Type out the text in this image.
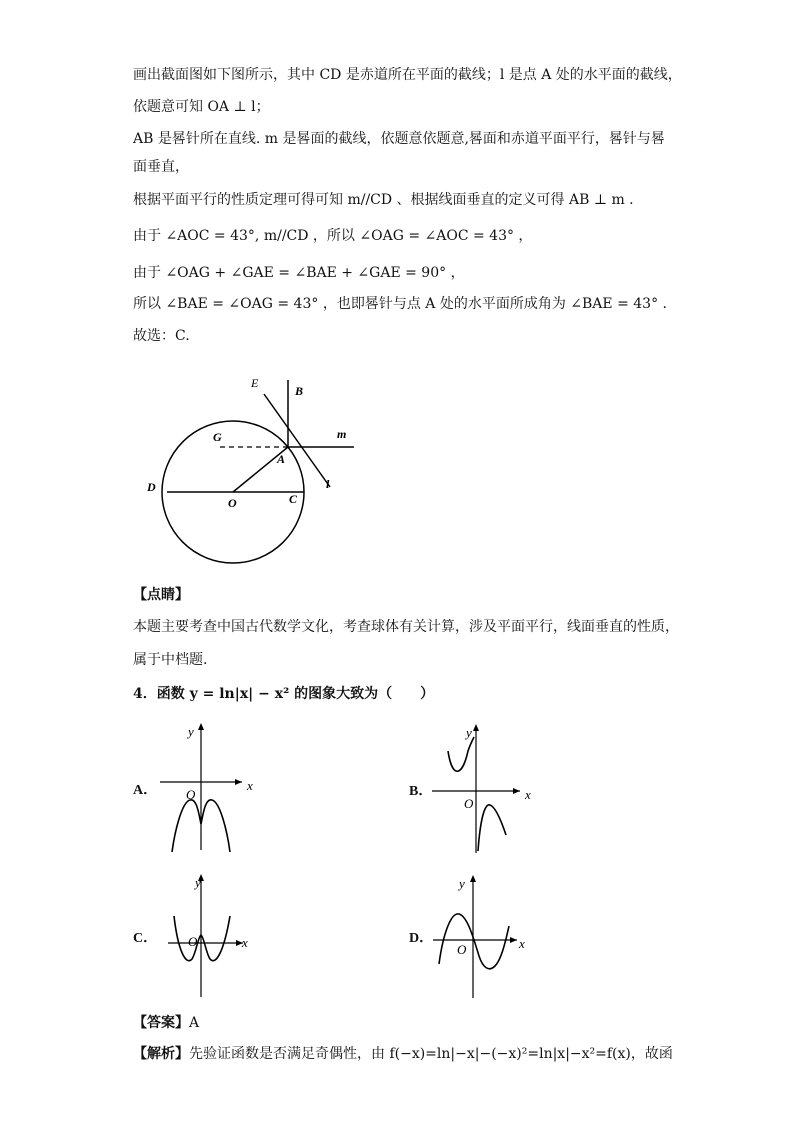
画出截面图如下图所示，其中 CD 是赤道所在平面的截线；l 是点 A 处的水平面的截线，
依题意可知 OA ⊥ l；
AB 是晷针所在直线. m 是晷面的截线，依题意依题意,晷面和赤道平面平行，晷针与晷
面垂直，
根据平面平行的性质定理可得可知 m//CD 、根据线面垂直的定义可得 AB ⊥ m .
由于 ∠AOC = 43°, m//CD ，所以 ∠OAG = ∠AOC = 43° ，
由于 ∠OAG + ∠GAE = ∠BAE + ∠GAE = 90° ，
所以 ∠BAE = ∠OAG = 43° ，也即晷针与点 A 处的水平面所成角为 ∠BAE = 43° .
故选：C.
E
B
G	m
A
D	l
O	C
【点睛】
本题主要考查中国古代数学文化，考查球体有关计算，涉及平面平行，线面垂直的性质，
属于中档题.
4．函数 y = ln|x| − x² 的图象大致为（　　）
A．
y
x
O	B．
y
x
O
C．
y
x
O	D．
y
x
O
【答案】A
【解析】先验证函数是否满足奇偶性，由 f(−x)=ln|−x|−(−x)²=ln|x|−x²=f(x)，故函
